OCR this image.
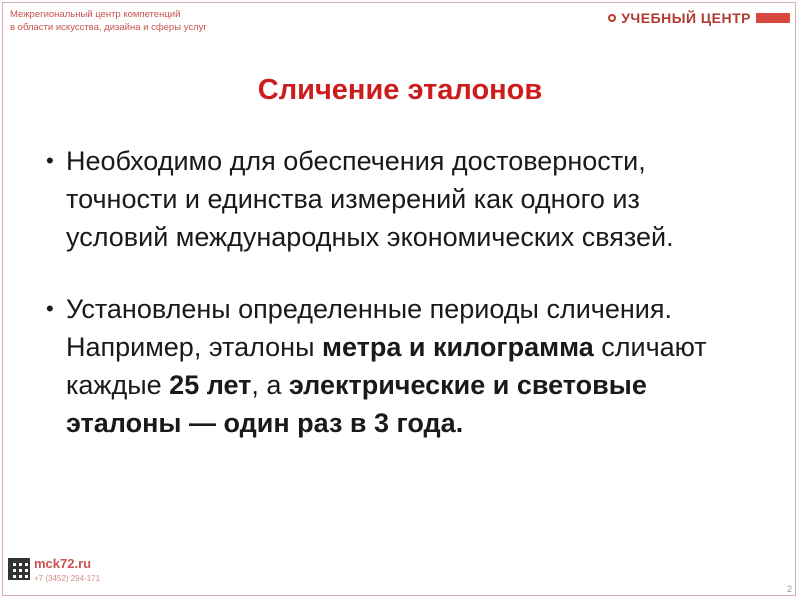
Межрегиональный центр компетенций
в области искусства, дизайна и сферы услуг
УЧЕБНЫЙ ЦЕНТР
Сличение эталонов
• Необходимо для обеспечения достоверности, точности и единства измерений как одного из условий международных экономических связей.
• Установлены определенные периоды сличения. Например, эталоны метра и килограмма сличают каждые 25 лет, а электрические и световые эталоны — один раз в 3 года.
mck72.ru
+7 (3452) 294-171
2
